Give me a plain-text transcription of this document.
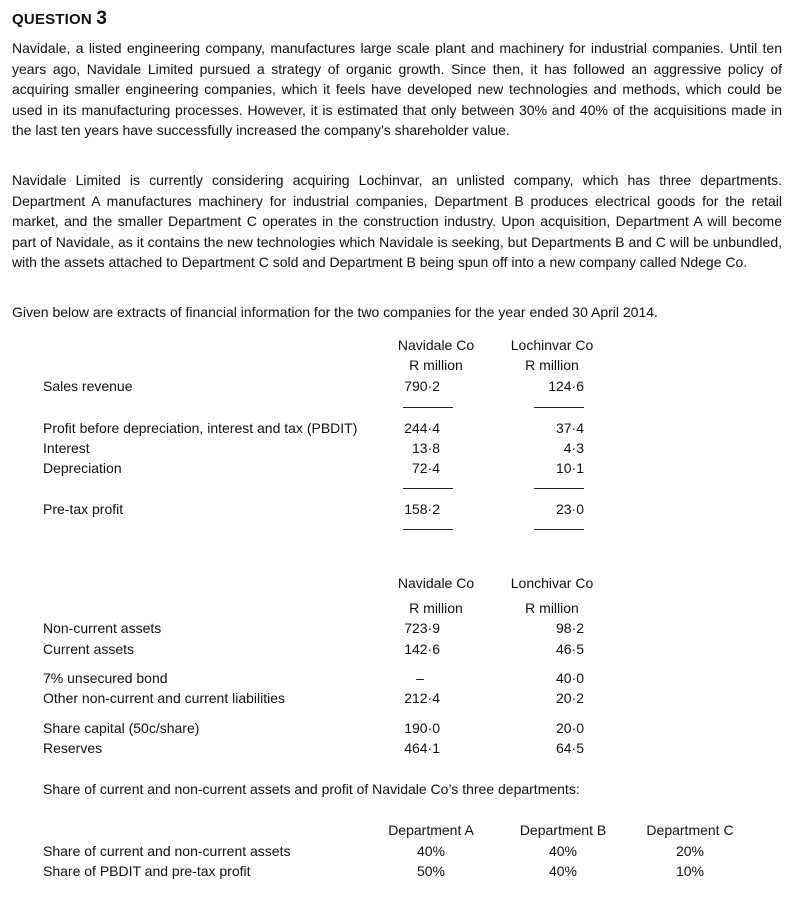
QUESTION 3
Navidale, a listed engineering company, manufactures large scale plant and machinery for industrial companies. Until ten years ago, Navidale Limited pursued a strategy of organic growth. Since then, it has followed an aggressive policy of acquiring smaller engineering companies, which it feels have developed new technologies and methods, which could be used in its manufacturing processes. However, it is estimated that only between 30% and 40% of the acquisitions made in the last ten years have successfully increased the company’s shareholder value.
Navidale Limited is currently considering acquiring Lochinvar, an unlisted company, which has three departments. Department A manufactures machinery for industrial companies, Department B produces electrical goods for the retail market, and the smaller Department C operates in the construction industry. Upon acquisition, Department A will become part of Navidale, as it contains the new technologies which Navidale is seeking, but Departments B and C will be unbundled, with the assets attached to Department C sold and Department B being spun off into a new company called Ndege Co.
Given below are extracts of financial information for the two companies for the year ended 30 April 2014.
Navidale Co	Lochinvar Co
R million	R million
Sales revenue	790·2	124·6
Profit before depreciation, interest and tax (PBDIT)	244·4	37·4
Interest	13·8	4·3
Depreciation	72·4	10·1
Pre-tax profit	158·2	23·0
Navidale Co	Lonchivar Co
R million	R million
Non-current assets	723·9	98·2
Current assets	142·6	46·5
7% unsecured bond	–	40·0
Other non-current and current liabilities	212·4	20·2
Share capital (50c/share)	190·0	20·0
Reserves	464·1	64·5
Share of current and non-current assets and profit of Navidale Co’s three departments:
Department A	Department B	Department C
Share of current and non-current assets	40%	40%	20%
Share of PBDIT and pre-tax profit	50%	40%	10%
